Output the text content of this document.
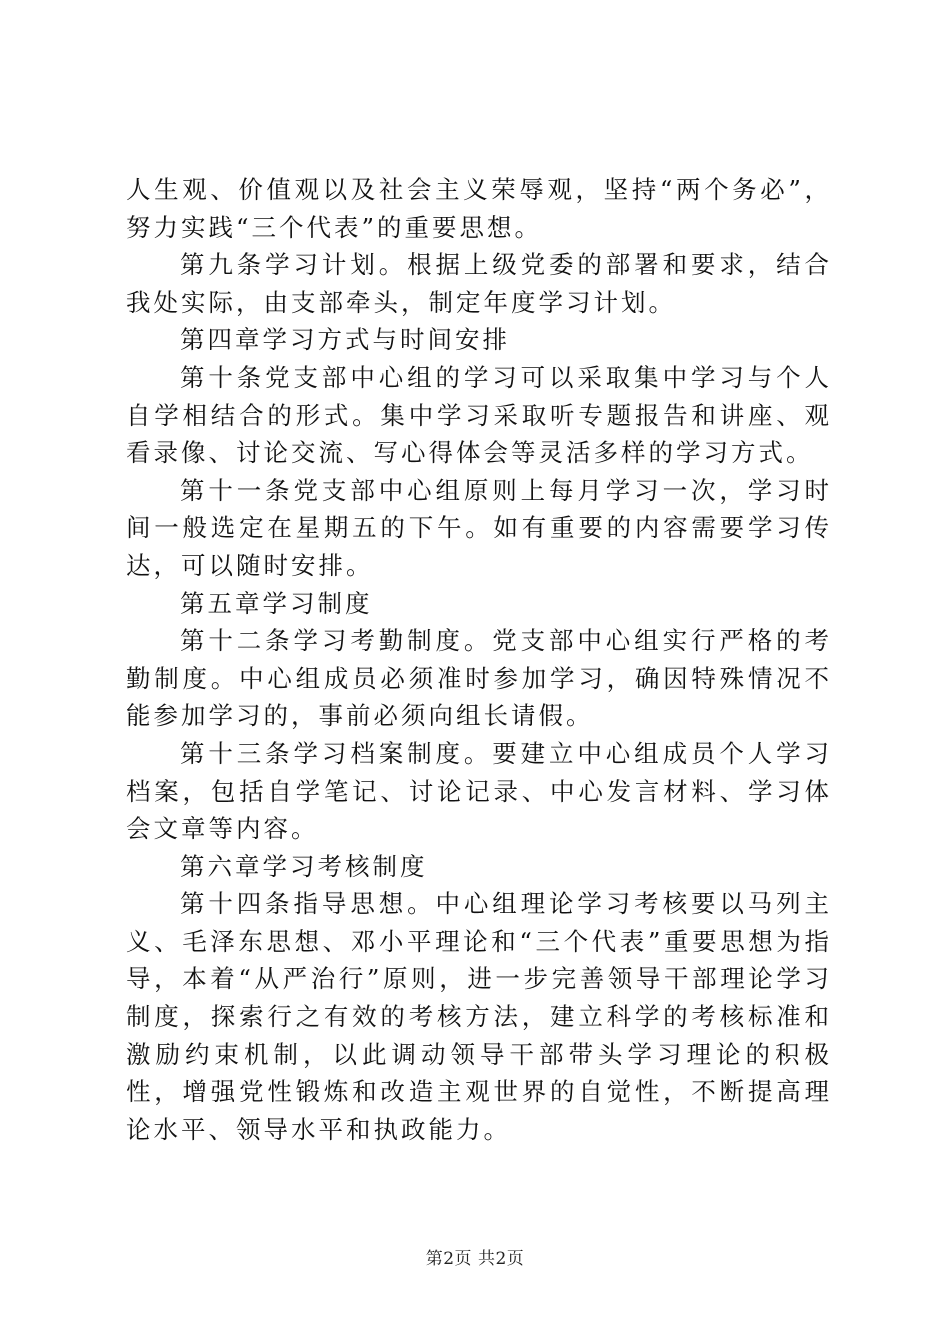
人生观、价值观以及社会主义荣辱观，坚持“两个务必”，努力实践“三个代表”的重要思想。

第九条学习计划。根据上级党委的部署和要求，结合我处实际，由支部牵头，制定年度学习计划。

第四章学习方式与时间安排

第十条党支部中心组的学习可以采取集中学习与个人自学相结合的形式。集中学习采取听专题报告和讲座、观看录像、讨论交流、写心得体会等灵活多样的学习方式。

第十一条党支部中心组原则上每月学习一次，学习时间一般选定在星期五的下午。如有重要的内容需要学习传达，可以随时安排。

第五章学习制度

第十二条学习考勤制度。党支部中心组实行严格的考勤制度。中心组成员必须准时参加学习，确因特殊情况不能参加学习的，事前必须向组长请假。

第十三条学习档案制度。要建立中心组成员个人学习档案，包括自学笔记、讨论记录、中心发言材料、学习体会文章等内容。

第六章学习考核制度

第十四条指导思想。中心组理论学习考核要以马列主义、毛泽东思想、邓小平理论和“三个代表”重要思想为指导，本着“从严治行”原则，进一步完善领导干部理论学习制度，探索行之有效的考核方法，建立科学的考核标准和激励约束机制，以此调动领导干部带头学习理论的积极性，增强党性锻炼和改造主观世界的自觉性，不断提高理论水平、领导水平和执政能力。

第2页 共2页
